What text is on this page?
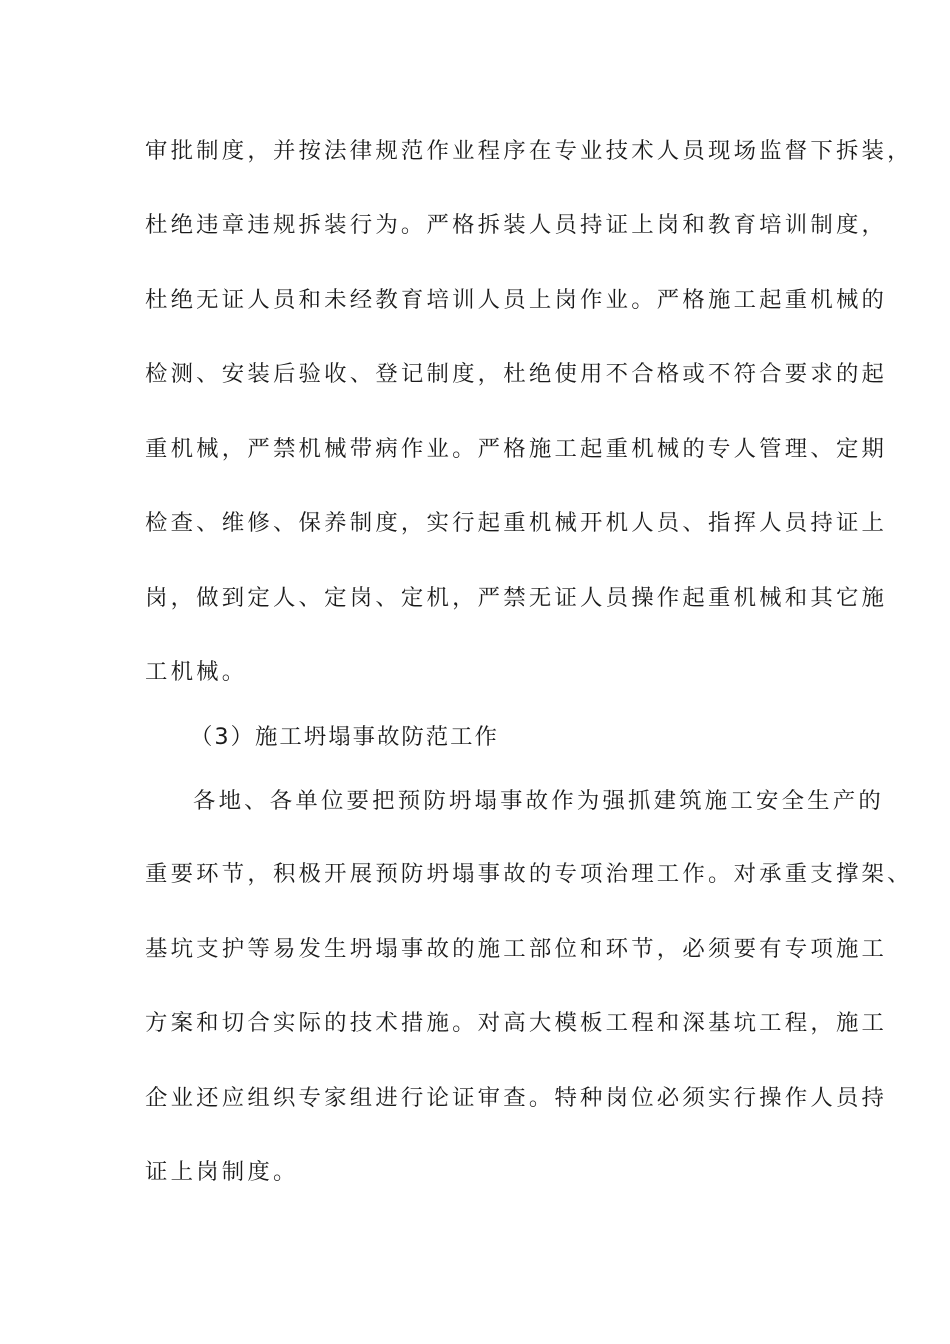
审批制度，并按法律规范作业程序在专业技术人员现场监督下拆装，
杜绝违章违规拆装行为。严格拆装人员持证上岗和教育培训制度，
杜绝无证人员和未经教育培训人员上岗作业。严格施工起重机械的
检测、安装后验收、登记制度，杜绝使用不合格或不符合要求的起
重机械，严禁机械带病作业。严格施工起重机械的专人管理、定期
检查、维修、保养制度，实行起重机械开机人员、指挥人员持证上
岗，做到定人、定岗、定机，严禁无证人员操作起重机械和其它施
工机械。
（3）施工坍塌事故防范工作
各地、各单位要把预防坍塌事故作为强抓建筑施工安全生产的
重要环节，积极开展预防坍塌事故的专项治理工作。对承重支撑架、
基坑支护等易发生坍塌事故的施工部位和环节，必须要有专项施工
方案和切合实际的技术措施。对高大模板工程和深基坑工程，施工
企业还应组织专家组进行论证审查。特种岗位必须实行操作人员持
证上岗制度。
